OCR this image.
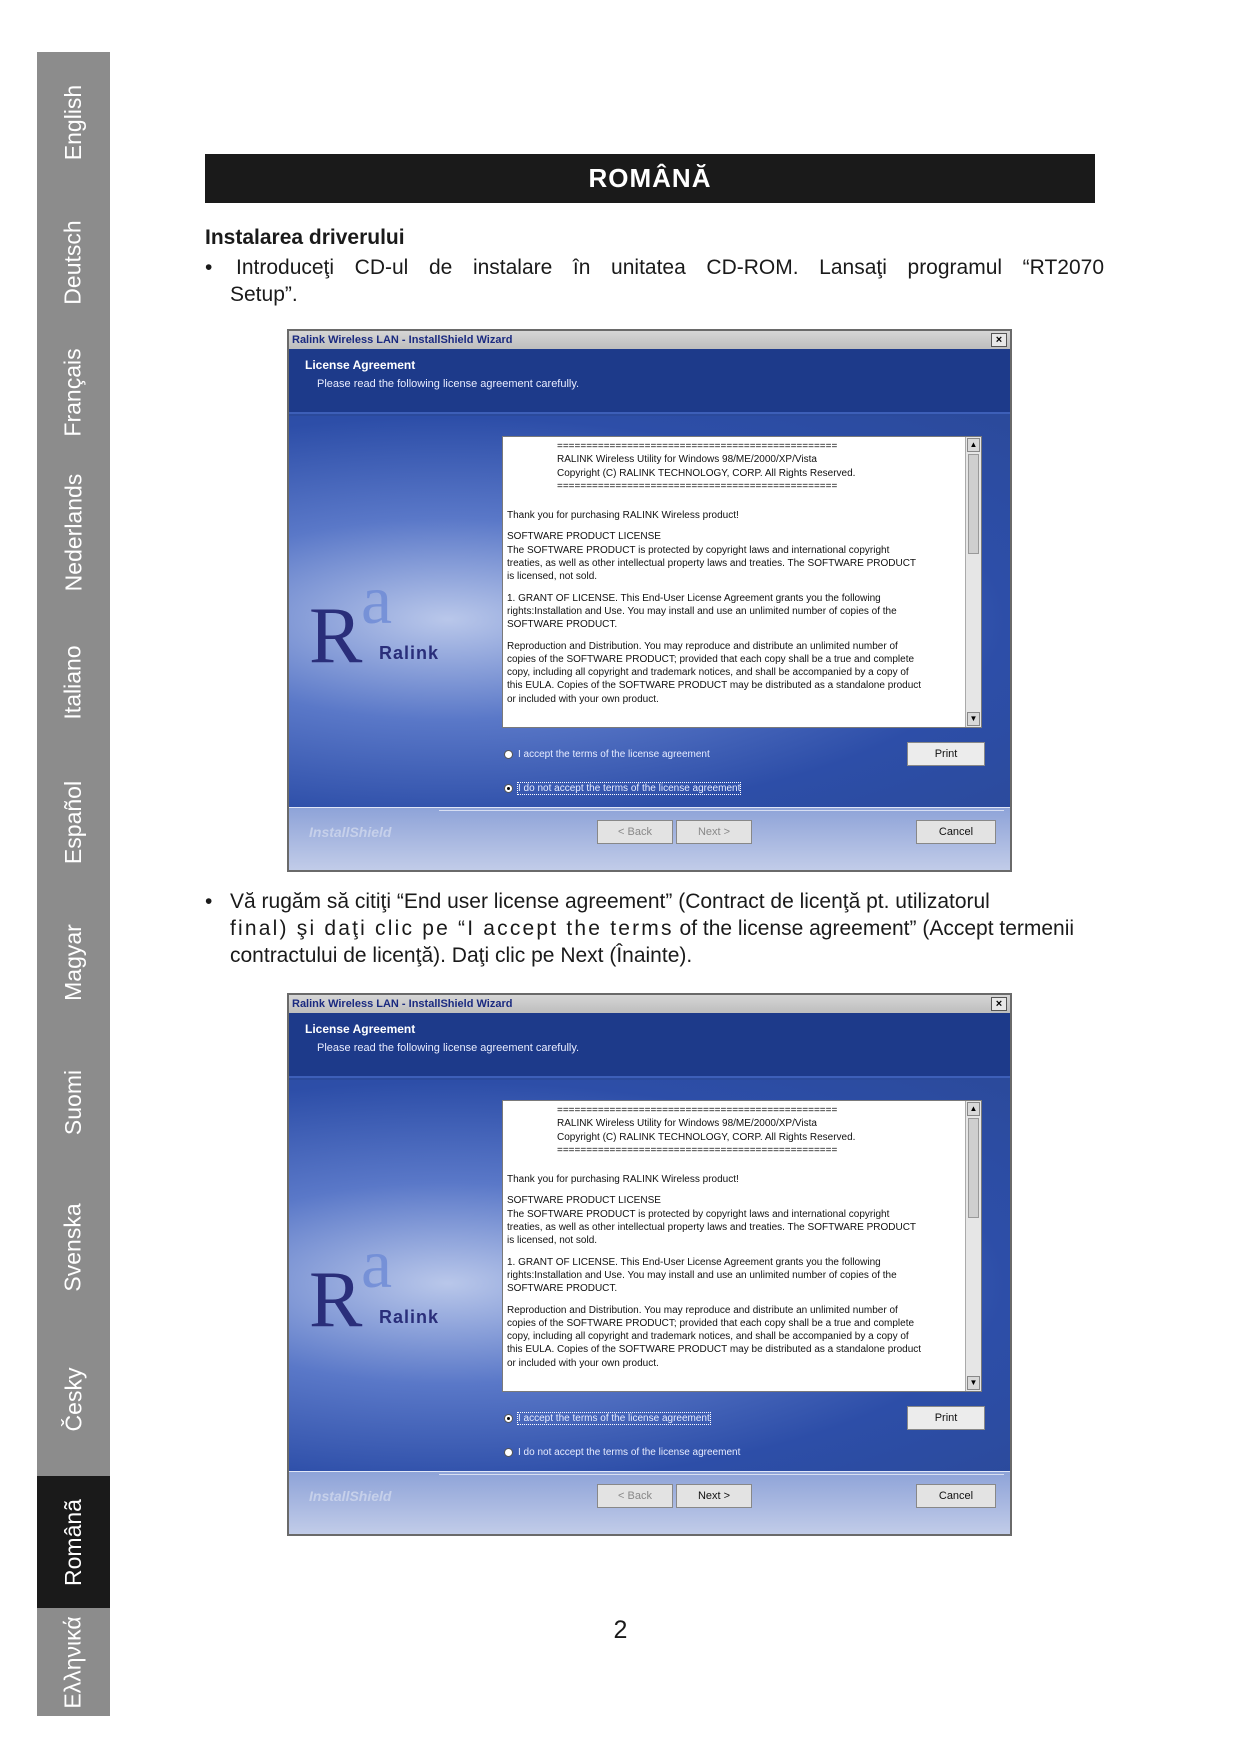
English
Deutsch
Français
Nederlands
Italiano
Español
Magyar
Suomi
Svenska
Česky
Românã
Ελληνικά
ROMÂNĂ
Instalarea driverului
• Introduceţi CD-ul de instalare în unitatea CD-ROM. Lansaţi programul “RT2070
Setup”.
Ralink Wireless LAN - InstallShield Wizard	×
License Agreement
Please read the following license agreement carefully.
a
R Ralink

================================================

RALINK Wireless Utility for Windows 98/ME/2000/XP/Vista

Copyright (C) RALINK TECHNOLOGY, CORP. All Rights Reserved.

================================================

Thank you for purchasing RALINK Wireless product!

SOFTWARE PRODUCT LICENSE

The SOFTWARE PRODUCT is protected by copyright laws and international copyright

treaties, as well as other intellectual property laws and treaties. The SOFTWARE PRODUCT

is licensed, not sold.

1. GRANT OF LICENSE. This End-User License Agreement grants you the following

rights:Installation and Use. You may install and use an unlimited number of copies of the

SOFTWARE PRODUCT.

Reproduction and Distribution. You may reproduce and distribute an unlimited number of

copies of the SOFTWARE PRODUCT; provided that each copy shall be a true and complete

copy, including all copyright and trademark notices, and shall be accompanied by a copy of

this EULA. Copies of the SOFTWARE PRODUCT may be distributed as a standalone product

or included with your own product.

▲
▼
I accept the terms of the license agreement	Print
I do not accept the terms of the license agreement
InstallShield	< Back	Next >	Cancel
• Vă rugăm să citiţi “End user license agreement” (Contract de licenţă pt. utilizatorul
final) şi daţi clic pe “I accept the terms of the license agreement” (Accept termenii
contractului de licenţă). Daţi clic pe Next (Înainte).
Ralink Wireless LAN - InstallShield Wizard	×
License Agreement
Please read the following license agreement carefully.
a
R Ralink

================================================

RALINK Wireless Utility for Windows 98/ME/2000/XP/Vista

Copyright (C) RALINK TECHNOLOGY, CORP. All Rights Reserved.

================================================

Thank you for purchasing RALINK Wireless product!

SOFTWARE PRODUCT LICENSE

The SOFTWARE PRODUCT is protected by copyright laws and international copyright

treaties, as well as other intellectual property laws and treaties. The SOFTWARE PRODUCT

is licensed, not sold.

1. GRANT OF LICENSE. This End-User License Agreement grants you the following

rights:Installation and Use. You may install and use an unlimited number of copies of the

SOFTWARE PRODUCT.

Reproduction and Distribution. You may reproduce and distribute an unlimited number of

copies of the SOFTWARE PRODUCT; provided that each copy shall be a true and complete

copy, including all copyright and trademark notices, and shall be accompanied by a copy of

this EULA. Copies of the SOFTWARE PRODUCT may be distributed as a standalone product

or included with your own product.

▲
▼
I accept the terms of the license agreement	Print
I do not accept the terms of the license agreement
InstallShield	< Back	Next >	Cancel
2
